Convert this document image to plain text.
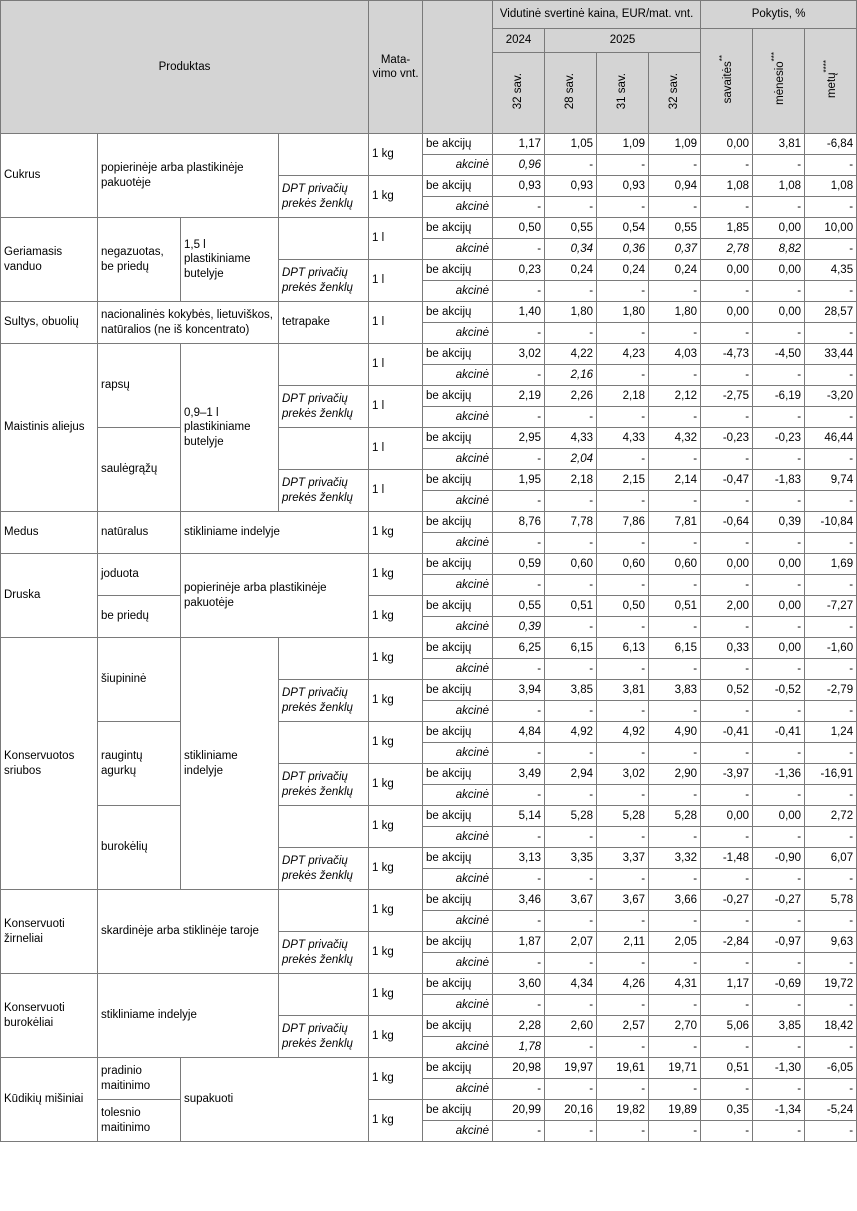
Produktas				Mata-vimo vnt.		Vidutinė svertinė kaina, EUR/mat. vnt.				Pokytis, %		
						2024	2025			savaitės**	mėnesio***	metų****
						32 sav.	28 sav.	31 sav.	32 sav.			
Cukrus	popierinėje arba plastikinėje pakuotėje			1 kg	be akcijų	1,17	1,05	1,09	1,09	0,00	3,81	-6,84
					akcinė	0,96	-	-	-	-	-	-
			DPT privačių prekės ženklų	1 kg	be akcijų	0,93	0,93	0,93	0,94	1,08	1,08	1,08
					akcinė	-	-	-	-	-	-	-
Geriamasis vanduo	negazuotas, be priedų	1,5 l plastikiniame butelyje		1 l	be akcijų	0,50	0,55	0,54	0,55	1,85	0,00	10,00
					akcinė	-	0,34	0,36	0,37	2,78	8,82	-
			DPT privačių prekės ženklų	1 l	be akcijų	0,23	0,24	0,24	0,24	0,00	0,00	4,35
					akcinė	-	-	-	-	-	-	-
Sultys, obuolių	nacionalinės kokybės, lietuviškos, natūralios (ne iš koncentrato)		tetrapake	1 l	be akcijų	1,40	1,80	1,80	1,80	0,00	0,00	28,57
					akcinė	-	-	-	-	-	-	-
Maistinis aliejus	rapsų	0,9–1 l plastikiniame butelyje		1 l	be akcijų	3,02	4,22	4,23	4,03	-4,73	-4,50	33,44
					akcinė	-	2,16	-	-	-	-	-
			DPT privačių prekės ženklų	1 l	be akcijų	2,19	2,26	2,18	2,12	-2,75	-6,19	-3,20
					akcinė	-	-	-	-	-	-	-
	saulėgrąžų			1 l	be akcijų	2,95	4,33	4,33	4,32	-0,23	-0,23	46,44
					akcinė	-	2,04	-	-	-	-	-
			DPT privačių prekės ženklų	1 l	be akcijų	1,95	2,18	2,15	2,14	-0,47	-1,83	9,74
					akcinė	-	-	-	-	-	-	-
Medus	natūralus	stikliniame indelyje		1 kg	be akcijų	8,76	7,78	7,86	7,81	-0,64	0,39	-10,84
					akcinė	-	-	-	-	-	-	-
Druska	joduota	popierinėje arba plastikinėje pakuotėje		1 kg	be akcijų	0,59	0,60	0,60	0,60	0,00	0,00	1,69
					akcinė	-	-	-	-	-	-	-
	be priedų			1 kg	be akcijų	0,55	0,51	0,50	0,51	2,00	0,00	-7,27
					akcinė	0,39	-	-	-	-	-	-
Konservuotos sriubos	šiupininė	stikliniame indelyje		1 kg	be akcijų	6,25	6,15	6,13	6,15	0,33	0,00	-1,60
					akcinė	-	-	-	-	-	-	-
			DPT privačių prekės ženklų	1 kg	be akcijų	3,94	3,85	3,81	3,83	0,52	-0,52	-2,79
					akcinė	-	-	-	-	-	-	-
	raugintų agurkų			1 kg	be akcijų	4,84	4,92	4,92	4,90	-0,41	-0,41	1,24
					akcinė	-	-	-	-	-	-	-
			DPT privačių prekės ženklų	1 kg	be akcijų	3,49	2,94	3,02	2,90	-3,97	-1,36	-16,91
					akcinė	-	-	-	-	-	-	-
	burokėlių			1 kg	be akcijų	5,14	5,28	5,28	5,28	0,00	0,00	2,72
					akcinė	-	-	-	-	-	-	-
			DPT privačių prekės ženklų	1 kg	be akcijų	3,13	3,35	3,37	3,32	-1,48	-0,90	6,07
					akcinė	-	-	-	-	-	-	-
Konservuoti žirneliai	skardinėje arba stiklinėje taroje			1 kg	be akcijų	3,46	3,67	3,67	3,66	-0,27	-0,27	5,78
					akcinė	-	-	-	-	-	-	-
			DPT privačių prekės ženklų	1 kg	be akcijų	1,87	2,07	2,11	2,05	-2,84	-0,97	9,63
					akcinė	-	-	-	-	-	-	-
Konservuoti burokėliai	stikliniame indelyje			1 kg	be akcijų	3,60	4,34	4,26	4,31	1,17	-0,69	19,72
					akcinė	-	-	-	-	-	-	-
			DPT privačių prekės ženklų	1 kg	be akcijų	2,28	2,60	2,57	2,70	5,06	3,85	18,42
					akcinė	1,78	-	-	-	-	-	-
Kūdikių mišiniai	pradinio maitinimo	supakuoti		1 kg	be akcijų	20,98	19,97	19,61	19,71	0,51	-1,30	-6,05
					akcinė	-	-	-	-	-	-	-
	tolesnio maitinimo			1 kg	be akcijų	20,99	20,16	19,82	19,89	0,35	-1,34	-5,24
					akcinė	-	-	-	-	-	-	-
